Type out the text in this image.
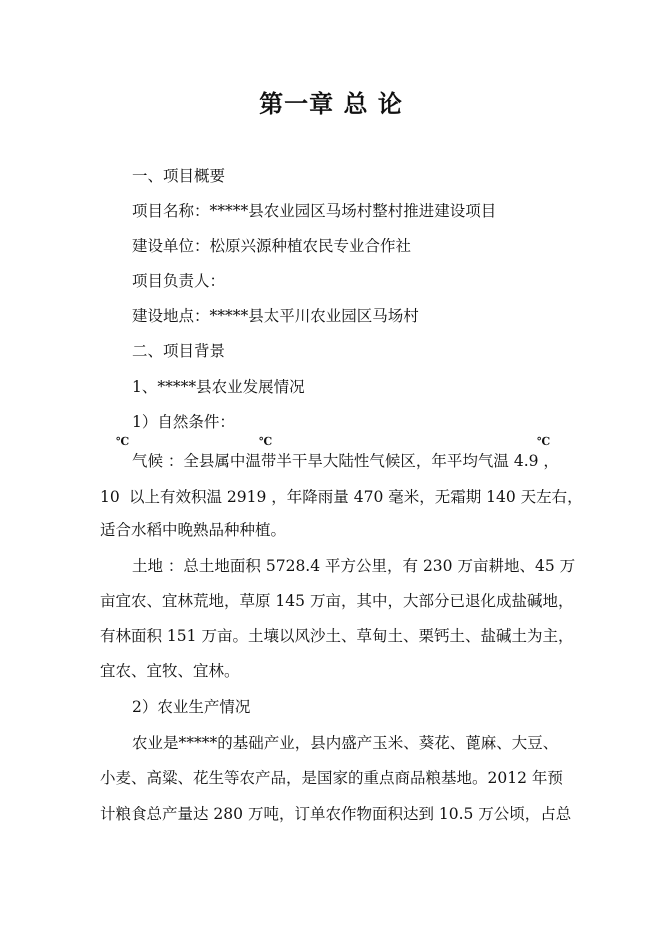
第一章 总 论
一、项目概要
项目名称：*****县农业园区马场村整村推进建设项目
建设单位：松原兴源种植农民专业合作社
项目负责人：
建设地点：*****县太平川农业园区马场村
二、项目背景
1、*****县农业发展情况
1）自然条件：
℃	℃	℃
气候 ：全县属中温带半干旱大陆性气候区，年平均气温 4.9 ，
10 以上有效积温 2919 ，年降雨量 470 毫米，无霜期 140 天左右，
适合水稻中晚熟品种种植。
土地 ：总土地面积 5728.4 平方公里，有 230 万亩耕地、45 万
亩宜农、宜林荒地，草原 145 万亩，其中，大部分已退化成盐碱地，
有林面积 151 万亩。土壤以风沙土、草甸土、栗钙土、盐碱土为主，
宜农、宜牧、宜林。
2）农业生产情况
农业是*****的基础产业，县内盛产玉米、葵花、蓖麻、大豆、
小麦、高粱、花生等农产品，是国家的重点商品粮基地。2012 年预
计粮食总产量达 280 万吨，订单农作物面积达到 10.5 万公顷，占总
